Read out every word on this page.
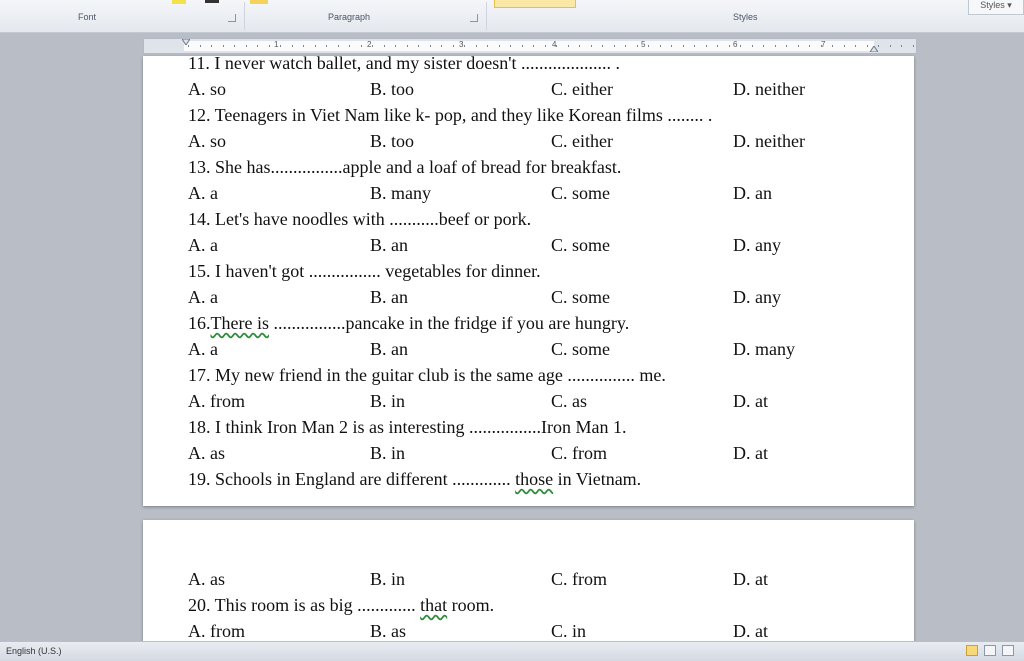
Font	Paragraph	Styles
Styles ▾
1	2	3	4	5	6	7
11. I never watch ballet, and my sister doesn't .................... .
A. so	B. too	C. either	D. neither
12. Teenagers in Viet Nam like k- pop, and they like Korean films ........ .
A. so	B. too	C. either	D. neither
13. She has................apple and a loaf of bread for breakfast.
A. a	B. many	C. some	D. an
14. Let's have noodles with ...........beef or pork.
A. a	B. an	C. some	D. any
15. I haven't got ................ vegetables for dinner.
A. a	B. an	C. some	D. any
16.There is ................pancake in the fridge if you are hungry.
A. a	B. an	C. some	D. many
17. My new friend in the guitar club is the same age ............... me.
A. from	B. in	C. as	D. at
18. I think Iron Man 2 is as interesting ................Iron Man 1.
A. as	B. in	C. from	D. at
19. Schools in England are different ............. those in Vietnam.
A. as	B. in	C. from	D. at
20. This room is as big ............. that room.
A. from	B. as	C. in	D. at
English (U.S.)
